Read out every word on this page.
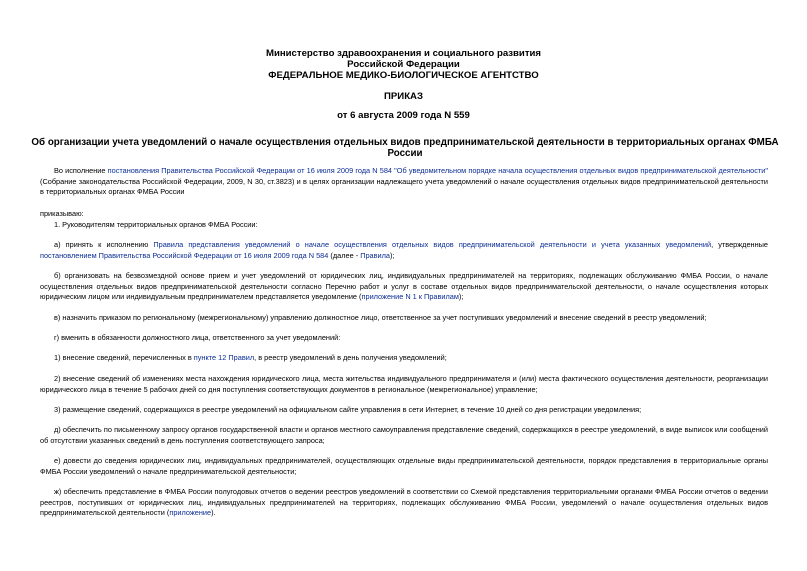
Министерство здравоохранения и социального развития
Российской Федерации
ФЕДЕРАЛЬНОЕ МЕДИКО-БИОЛОГИЧЕСКОЕ АГЕНТСТВО
ПРИКАЗ
от 6 августа 2009 года N 559
Об организации учета уведомлений о начале осуществления отдельных видов предпринимательской деятельности в территориальных органах ФМБА России
Во исполнение постановления Правительства Российской Федерации от 16 июля 2009 года N 584 "Об уведомительном порядке начала осуществления отдельных видов предпринимательской деятельности" (Собрание законодательства Российской Федерации, 2009, N 30, ст.3823) и в целях организации надлежащего учета уведомлений о начале осуществления отдельных видов предпринимательской деятельности в территориальных органах ФМБА России
приказываю:
1. Руководителям территориальных органов ФМБА России:
а) принять к исполнению Правила представления уведомлений о начале осуществления отдельных видов предпринимательской деятельности и учета указанных уведомлений, утвержденные постановлением Правительства Российской Федерации от 16 июля 2009 года N 584 (далее - Правила);
б) организовать на безвозмездной основе прием и учет уведомлений от юридических лиц, индивидуальных предпринимателей на территориях, подлежащих обслуживанию ФМБА России, о начале осуществления отдельных видов предпринимательской деятельности согласно Перечню работ и услуг в составе отдельных видов предпринимательской деятельности, о начале осуществления которых юридическим лицом или индивидуальным предпринимателем представляется уведомление (приложение N 1 к Правилам);
в) назначить приказом по региональному (межрегиональному) управлению должностное лицо, ответственное за учет поступивших уведомлений и внесение сведений в реестр уведомлений;
г) вменить в обязанности должностного лица, ответственного за учет уведомлений:
1) внесение сведений, перечисленных в пункте 12 Правил, в реестр уведомлений в день получения уведомлений;
2) внесение сведений об изменениях места нахождения юридического лица, места жительства индивидуального предпринимателя и (или) места фактического осуществления деятельности, реорганизации юридического лица в течение 5 рабочих дней со дня поступления соответствующих документов в региональное (межрегиональное) управление;
3) размещение сведений, содержащихся в реестре уведомлений на официальном сайте управления в сети Интернет, в течение 10 дней со дня регистрации уведомления;
д) обеспечить по письменному запросу органов государственной власти и органов местного самоуправления представление сведений, содержащихся в реестре уведомлений, в виде выписок или сообщений об отсутствии указанных сведений в день поступления соответствующего запроса;
е) довести до сведения юридических лиц, индивидуальных предпринимателей, осуществляющих отдельные виды предпринимательской деятельности, порядок представления в территориальные органы ФМБА России уведомлений о начале предпринимательской деятельности;
ж) обеспечить представление в ФМБА России полугодовых отчетов о ведении реестров уведомлений в соответствии со Схемой представления территориальными органами ФМБА России отчетов о ведении реестров, поступивших от юридических лиц, индивидуальных предпринимателей на территориях, подлежащих обслуживанию ФМБА России, уведомлений о начале осуществления отдельных видов предпринимательской деятельности (приложение).
